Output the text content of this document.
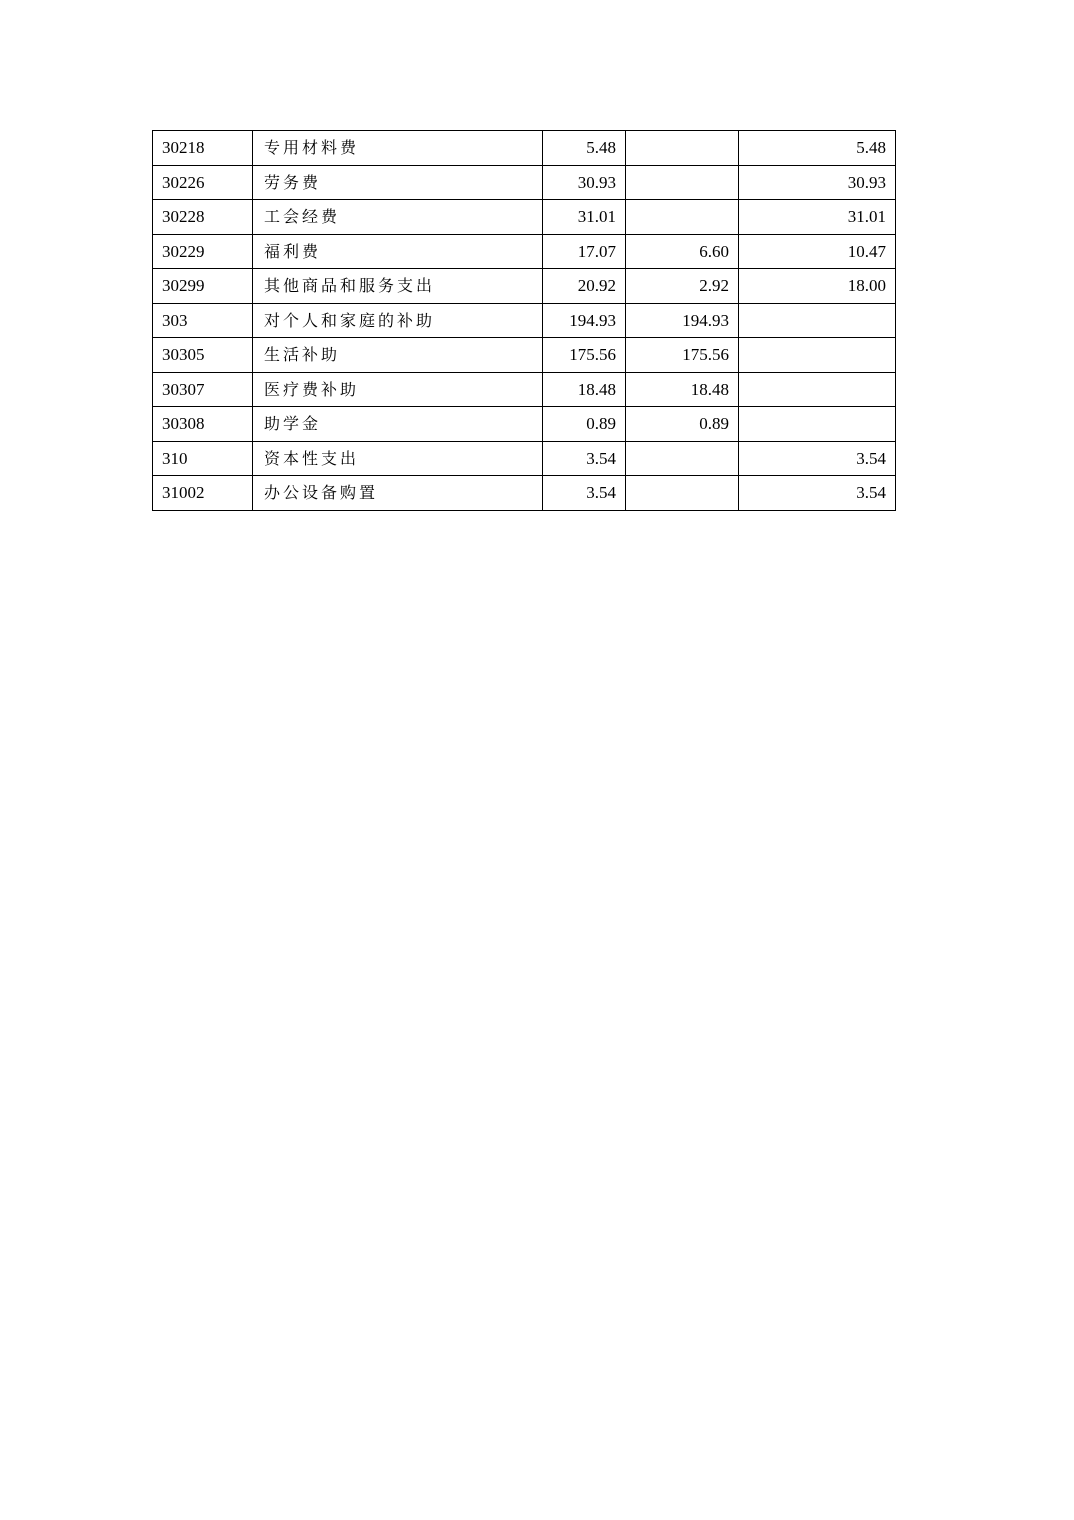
30218	专用材料费	5.48		5.48
30226	劳务费	30.93		30.93
30228	工会经费	31.01		31.01
30229	福利费	17.07	6.60	10.47
30299	其他商品和服务支出	20.92	2.92	18.00
303	对个人和家庭的补助	194.93	194.93	
30305	生活补助	175.56	175.56	
30307	医疗费补助	18.48	18.48	
30308	助学金	0.89	0.89	
310	资本性支出	3.54		3.54
31002	办公设备购置	3.54		3.54
